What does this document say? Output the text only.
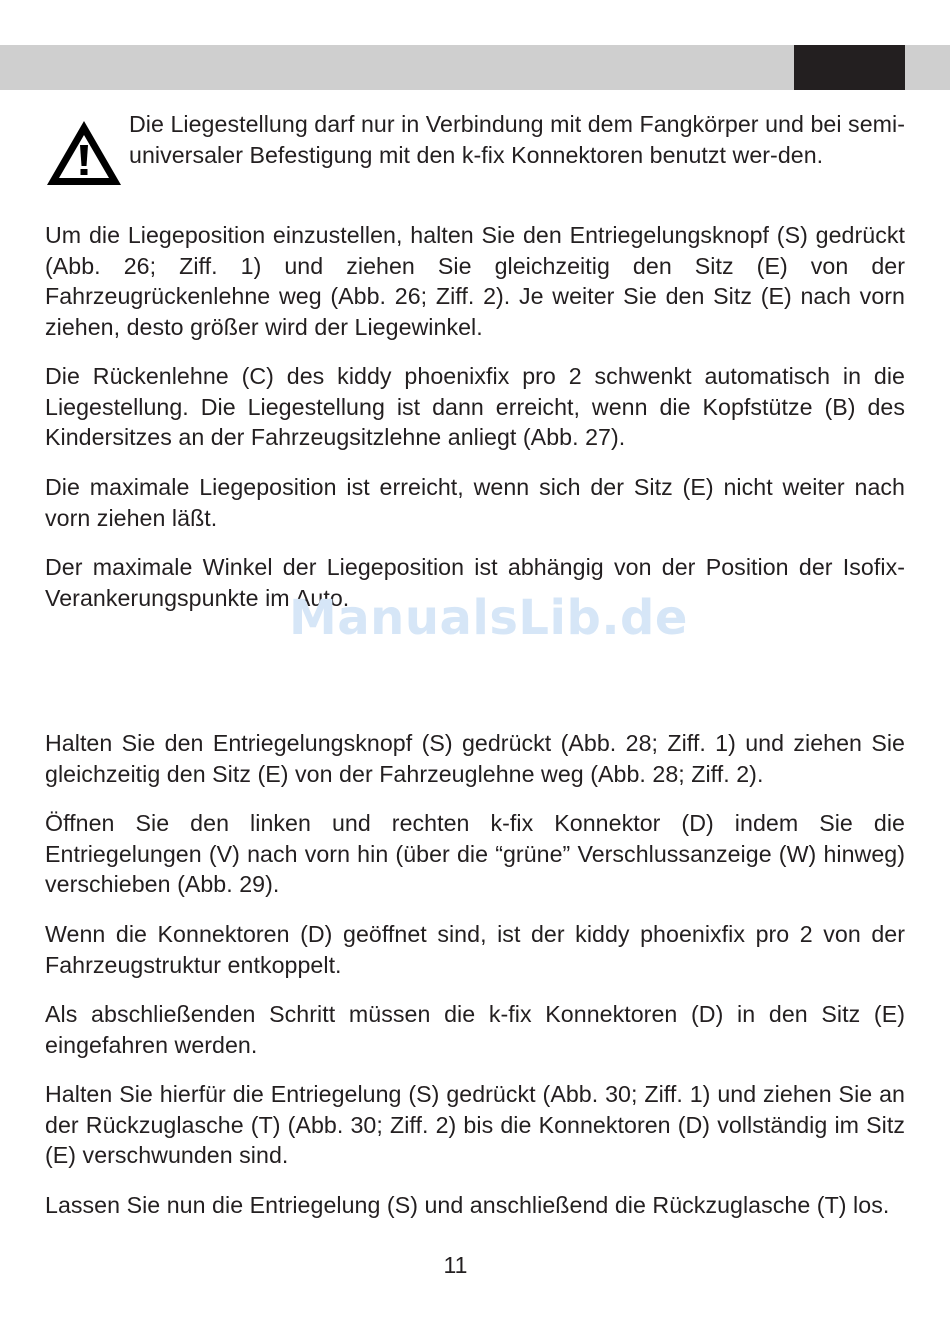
Die Liegestellung darf nur in Verbindung mit dem Fangkörper und bei semi-universaler Befestigung mit den k-fix Konnektoren benutzt wer-den.

Um die Liegeposition einzustellen, halten Sie den Entriegelungsknopf (S) gedrückt (Abb. 26; Ziff. 1) und ziehen Sie gleichzeitig den Sitz (E) von der Fahrzeugrückenlehne weg (Abb. 26; Ziff. 2). Je weiter Sie den Sitz (E) nach vorn ziehen, desto größer wird der Liegewinkel.

Die Rückenlehne (C) des kiddy phoenixfix pro 2 schwenkt automatisch in die Liegestellung. Die Liegestellung ist dann erreicht, wenn die Kopfstütze (B) des Kindersitzes an der Fahrzeugsitzlehne anliegt (Abb. 27).

Die maximale Liegeposition ist erreicht, wenn sich der Sitz (E) nicht weiter nach vorn ziehen läßt.

Der maximale Winkel der Liegeposition ist abhängig von der Position der Isofix-Verankerungspunkte im Auto.

ManualsLib.de

Halten Sie den Entriegelungsknopf (S) gedrückt (Abb. 28; Ziff. 1) und ziehen Sie gleichzeitig den Sitz (E) von der Fahrzeuglehne weg (Abb. 28; Ziff. 2).

Öffnen Sie den linken und rechten k-fix Konnektor (D) indem Sie die Entriegelungen (V) nach vorn hin (über die “grüne” Verschlussanzeige (W) hinweg) verschieben (Abb. 29).

Wenn die Konnektoren (D) geöffnet sind, ist der kiddy phoenixfix pro 2 von der Fahrzeugstruktur entkoppelt.

Als abschließenden Schritt müssen die k-fix Konnektoren (D) in den Sitz (E) eingefahren werden.

Halten Sie hierfür die Entriegelung (S) gedrückt (Abb. 30; Ziff. 1) und ziehen Sie an der Rückzuglasche (T) (Abb. 30; Ziff. 2) bis die Konnektoren (D) vollständig im Sitz (E) verschwunden sind.

Lassen Sie nun die Entriegelung (S) und anschließend die Rückzuglasche (T) los.

11
